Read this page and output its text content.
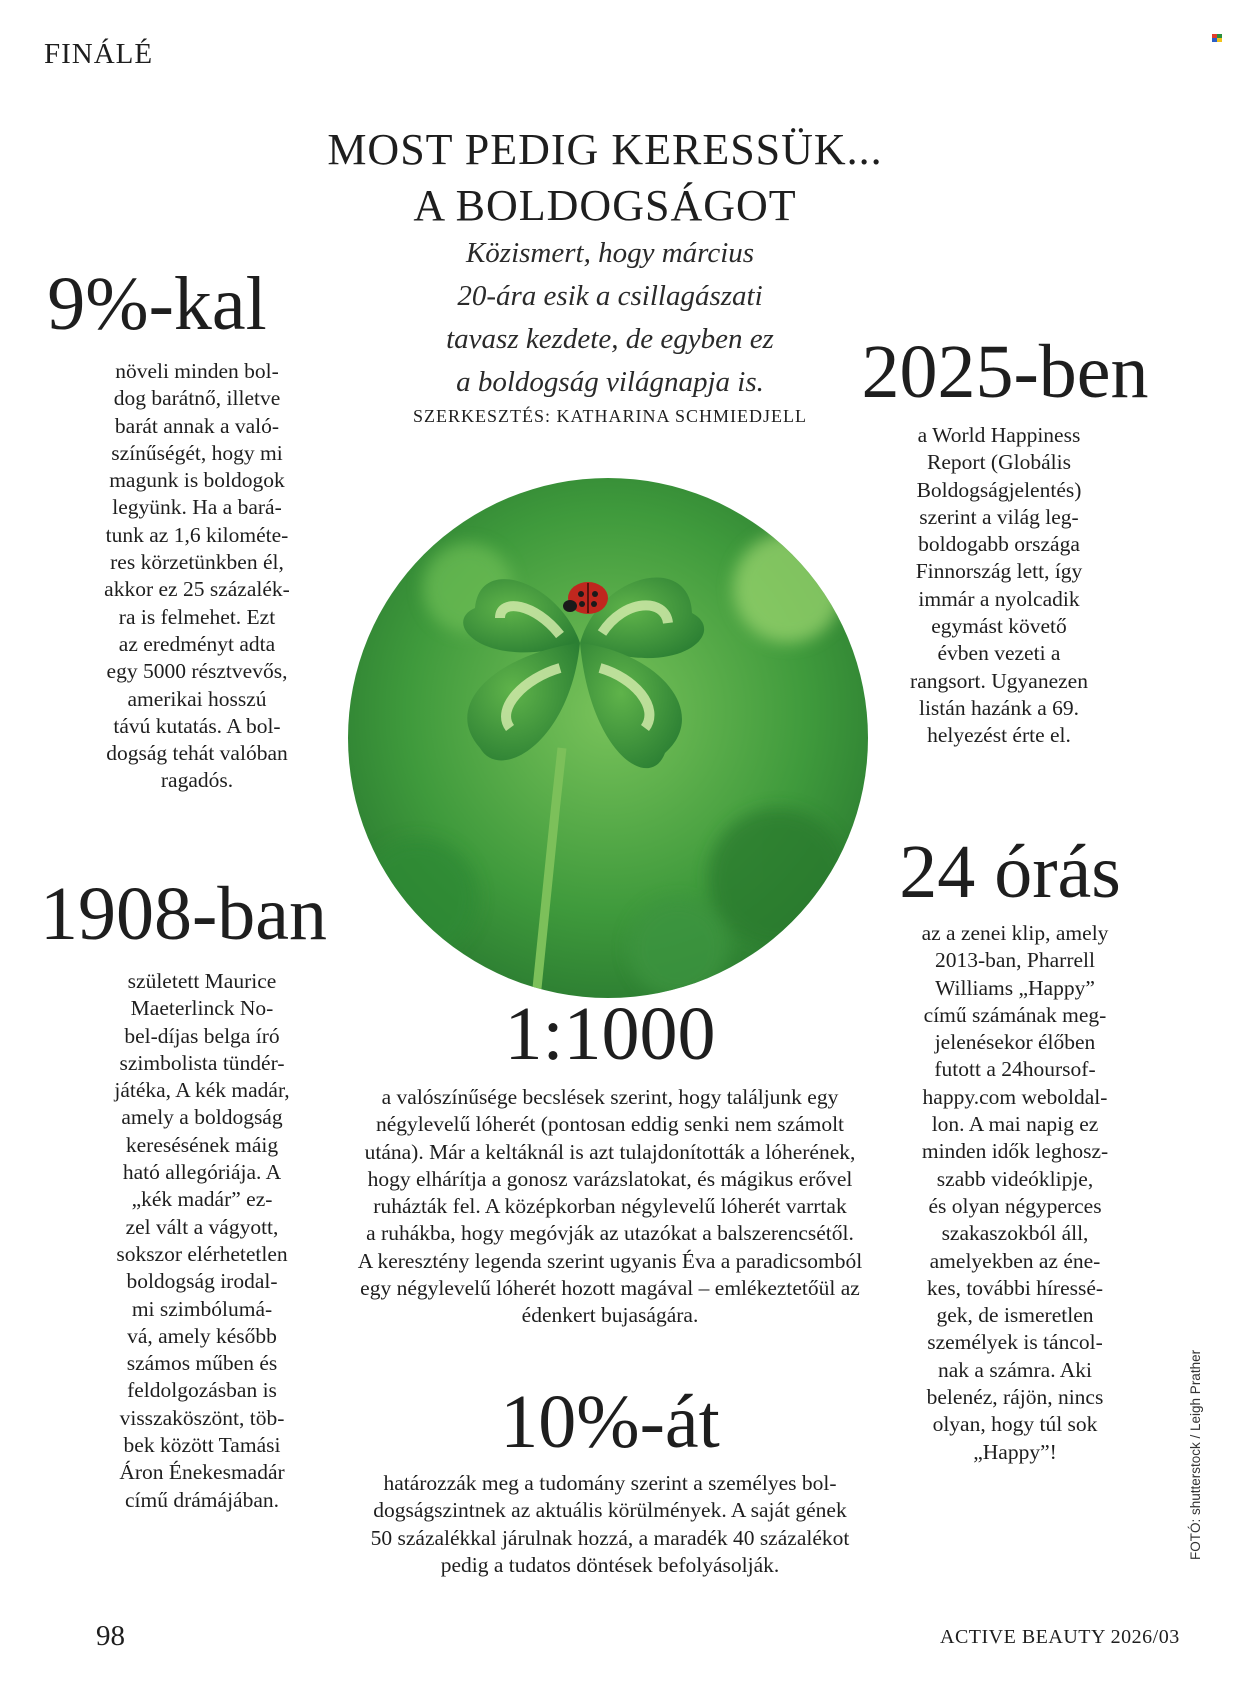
FINÁLÉ
MOST PEDIG KERESSÜK...
A BOLDOGSÁGOT
Közismert, hogy március
20-ára esik a csillagászati
tavasz kezdete, de egyben ez
a boldogság világnapja is.
SZERKESZTÉS: KATHARINA SCHMIEDJELL
9%-kal
növeli minden bol-
dog barátnő, illetve
barát annak a való-
színűségét, hogy mi
magunk is boldogok
legyünk. Ha a bará-
tunk az 1,6 kilométe-
res körzetünkben él,
akkor ez 25 százalék-
ra is felmehet. Ezt
az eredményt adta
egy 5000 résztvevős,
amerikai hosszú
távú kutatás. A bol-
dogság tehát valóban
ragadós.
2025-ben
a World Happiness
Report (Globális
Boldogságjelentés)
szerint a világ leg-
boldogabb országa
Finnország lett, így
immár a nyolcadik
egymást követő
évben vezeti a
rangsort. Ugyanezen
listán hazánk a 69.
helyezést érte el.
24 órás
az a zenei klip, amely
2013-ban, Pharrell
Williams „Happy”
című számának meg-
jelenésekor élőben
futott a 24hoursof-
happy.com weboldal-
lon. A mai napig ez
minden idők leghosz-
szabb videóklipje,
és olyan négyperces
szakaszokból áll,
amelyekben az éne-
kes, további híressé-
gek, de ismeretlen
személyek is táncol-
nak a számra. Aki
belenéz, rájön, nincs
olyan, hogy túl sok
„Happy”!
1908-ban
született Maurice
Maeterlinck No-
bel-díjas belga író
szimbolista tündér-
játéka, A kék madár,
amely a boldogság
keresésének máig
ható allegóriája. A
„kék madár” ez-
zel vált a vágyott,
sokszor elérhetetlen
boldogság irodal-
mi szimbólumá-
vá, amely később
számos műben és
feldolgozásban is
visszaköszönt, töb-
bek között Tamási
Áron Énekesmadár
című drámájában.
1:1000
a valószínűsége becslések szerint, hogy találjunk egy
négylevelű lóherét (pontosan eddig senki nem számolt
utána). Már a keltáknál is azt tulajdonították a lóherének,
hogy elhárítja a gonosz varázslatokat, és mágikus erővel
ruházták fel. A középkorban négylevelű lóherét varrtak
a ruhákba, hogy megóvják az utazókat a balszerencsétől.
A keresztény legenda szerint ugyanis Éva a paradicsomból
egy négylevelű lóherét hozott magával – emlékeztetőül az
édenkert bujaságára.
10%-át
határozzák meg a tudomány szerint a személyes bol-
dogságszintnek az aktuális körülmények. A saját gének
50 százalékkal járulnak hozzá, a maradék 40 százalékot
pedig a tudatos döntések befolyásolják.
FOTÓ: shutterstock / Leigh Prather
98	ACTIVE BEAUTY 2026/03
